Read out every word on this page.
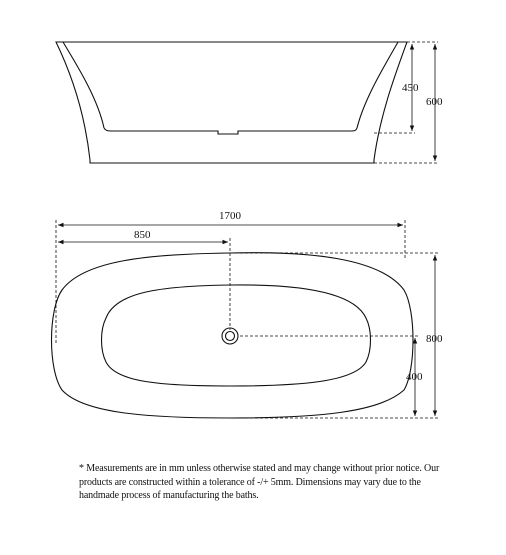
450
600
1700
850
800
400
* Measurements are in mm unless otherwise stated and may change without prior notice. Our products are constructed within a tolerance of -/+ 5mm. Dimensions may vary due to the handmade process of manufacturing the baths.
